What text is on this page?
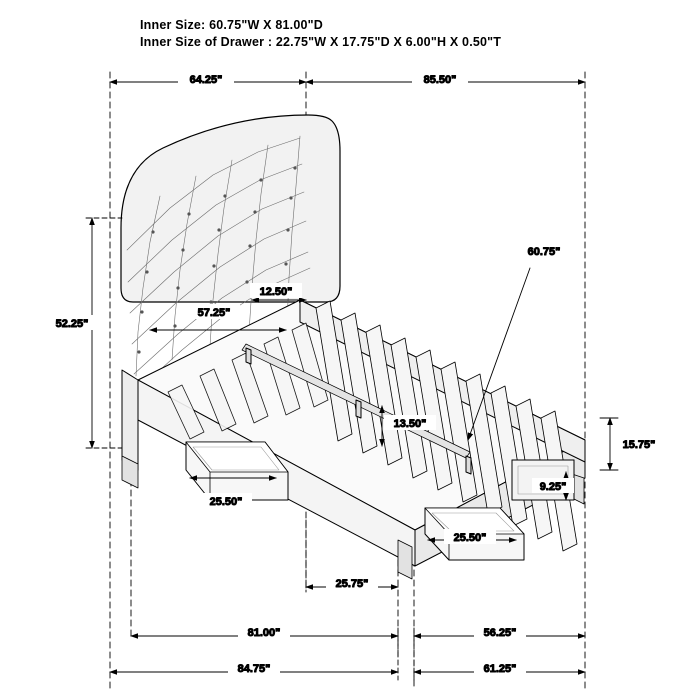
Inner Size: 60.75"W X 81.00"D
Inner Size of Drawer : 22.75"W X 17.75"D X 6.00"H X 0.50"T
64.25"	85.50"
52.25"
12.50"
57.25"
60.75"
13.50"
15.75"
9.25"
25.50"
25.50"
25.75"
81.00"	56.25"
84.75"	61.25"
